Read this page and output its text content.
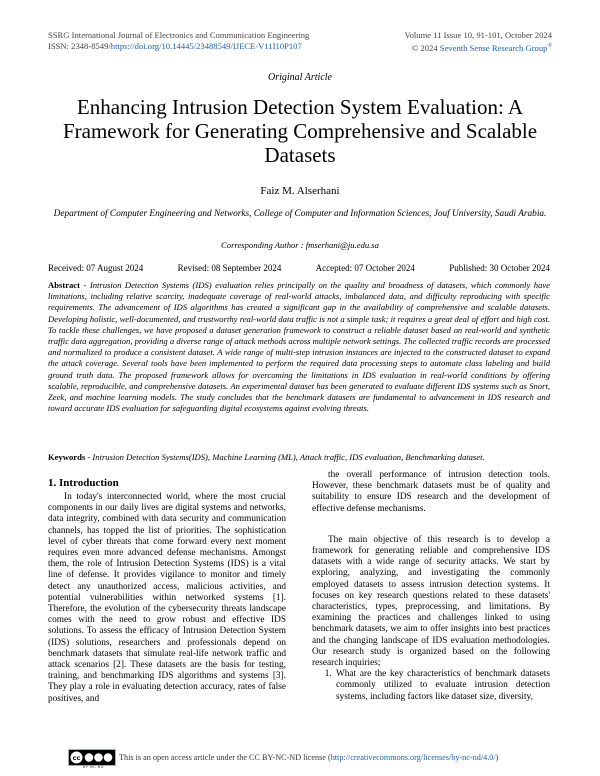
SSRG International Journal of Electronics and Communication Engineering
ISSN: 2348-8549/https://doi.org/10.14445/23488549/IJECE-V11I10P107
Volume 11 Issue 10, 91-101, October 2024
© 2024 Seventh Sense Research Group®
Original Article
Enhancing Intrusion Detection System Evaluation: A Framework for Generating Comprehensive and Scalable Datasets
Faiz M. Alserhani
Department of Computer Engineering and Networks, College of Computer and Information Sciences, Jouf University, Saudi Arabia.
Corresponding Author : fmserhani@ju.edu.sa
Received: 07 August 2024	Revised: 08 September 2024	Accepted: 07 October 2024	Published: 30 October 2024

Abstract - Intrusion Detection Systems (IDS) evaluation relies principally on the quality and broadness of datasets, which commonly have limitations, including relative scarcity, inadequate coverage of real-world attacks, imbalanced data, and difficulty reproducing with specific requirements. The advancement of IDS algorithms has created a significant gap in the availability of comprehensive and scalable datasets. Developing holistic, well-documented, and trustworthy real-world data traffic is not a simple task; it requires a great deal of effort and high cost. To tackle these challenges, we have proposed a dataset generation framework to construct a reliable dataset based on real-world and synthetic traffic data aggregation, providing a diverse range of attack methods across multiple network settings. The collected traffic records are processed and normalized to produce a consistent dataset. A wide range of multi-step intrusion instances are injected to the constructed dataset to expand the attack coverage. Several tools have been implemented to perform the required data processing steps to automate class labeling and build ground truth data. The proposed framework allows for overcoming the limitations in IDS evaluation in real-world conditions by offering scalable, reproducible, and comprehensive datasets. An experimental dataset has been generated to evaluate different IDS systems such as Snort, Zeek, and machine learning models. The study concludes that the benchmark datasets are fundamental to advancement in IDS research and toward accurate IDS evaluation for safeguarding digital ecosystems against evolving threats.

Keywords - Intrusion Detection Systems(IDS), Machine Learning (ML), Attack traffic, IDS evaluation, Benchmarking dataset.

1. Introduction

In today's interconnected world, where the most crucial components in our daily lives are digital systems and networks, data integrity, combined with data security and communication channels, has topped the list of priorities. The sophistication level of cyber threats that come forward every next moment requires even more advanced defense mechanisms. Amongst them, the role of Intrusion Detection Systems (IDS) is a vital line of defense. It provides vigilance to monitor and timely detect any unauthorized access, malicious activities, and potential vulnerabilities within networked systems [1]. Therefore, the evolution of the cybersecurity threats landscape comes with the need to grow robust and effective IDS solutions. To assess the efficacy of Intrusion Detection System (IDS) solutions, researchers and professionals depend on benchmark datasets that simulate real-life network traffic and attack scenarios [2]. These datasets are the basis for testing, training, and benchmarking IDS algorithms and systems [3]. They play a role in evaluating detection accuracy, rates of false positives, and

the overall performance of intrusion detection tools. However, these benchmark datasets must be of quality and suitability to ensure IDS research and the development of effective defense mechanisms.

The main objective of this research is to develop a framework for generating reliable and comprehensive IDS datasets with a wide range of security attacks. We start by exploring, analyzing, and investigating the commonly employed datasets to assess intrusion detection systems. It focuses on key research questions related to these datasets' characteristics, types, preprocessing, and limitations. By examining the practices and challenges linked to using benchmark datasets, we aim to offer insights into best practices and the changing landscape of IDS evaluation methodologies. Our research study is organized based on the following research inquiries;

1. What are the key characteristics of benchmark datasets commonly utilized to evaluate intrusion detection systems, including factors like dataset size, diversity,
cc
BY NC ND
This is an open access article under the CC BY-NC-ND license ( http://creativecommons.org/licenses/by-nc-nd/4.0/ )
